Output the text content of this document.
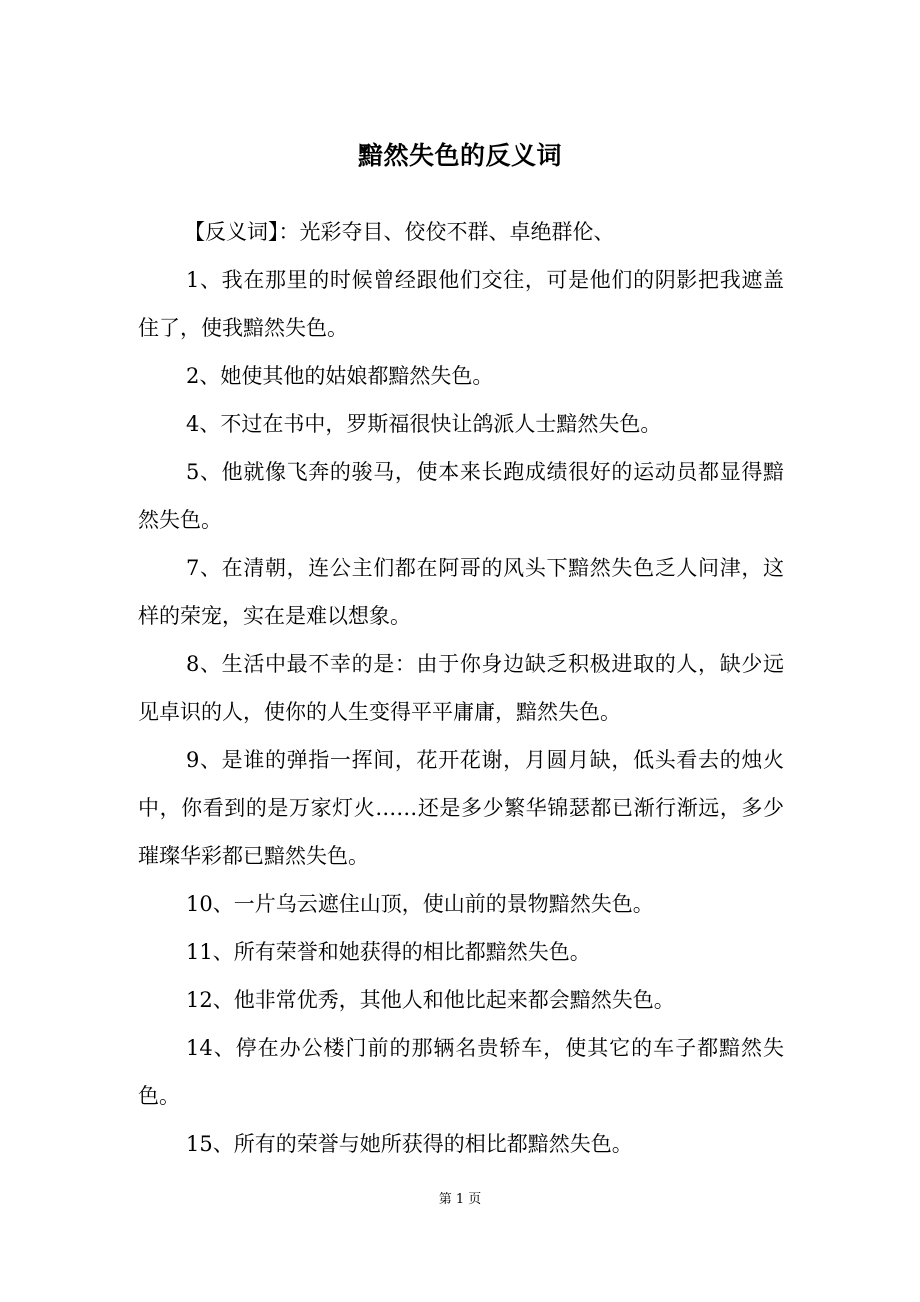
黯然失色的反义词

【反义词】：光彩夺目、佼佼不群、卓绝群伦、

1、我在那里的时候曾经跟他们交往，可是他们的阴影把我遮盖住了，使我黯然失色。

2、她使其他的姑娘都黯然失色。

4、不过在书中，罗斯福很快让鸽派人士黯然失色。

5、他就像飞奔的骏马，使本来长跑成绩很好的运动员都显得黯然失色。

7、在清朝，连公主们都在阿哥的风头下黯然失色乏人问津，这样的荣宠，实在是难以想象。

8、生活中最不幸的是：由于你身边缺乏积极进取的人，缺少远见卓识的人，使你的人生变得平平庸庸，黯然失色。

9、是谁的弹指一挥间，花开花谢，月圆月缺，低头看去的烛火中，你看到的是万家灯火……还是多少繁华锦瑟都已渐行渐远，多少璀璨华彩都已黯然失色。

10、一片乌云遮住山顶，使山前的景物黯然失色。

11、所有荣誉和她获得的相比都黯然失色。

12、他非常优秀，其他人和他比起来都会黯然失色。

14、停在办公楼门前的那辆名贵轿车，使其它的车子都黯然失色。

15、所有的荣誉与她所获得的相比都黯然失色。

第 1 页
